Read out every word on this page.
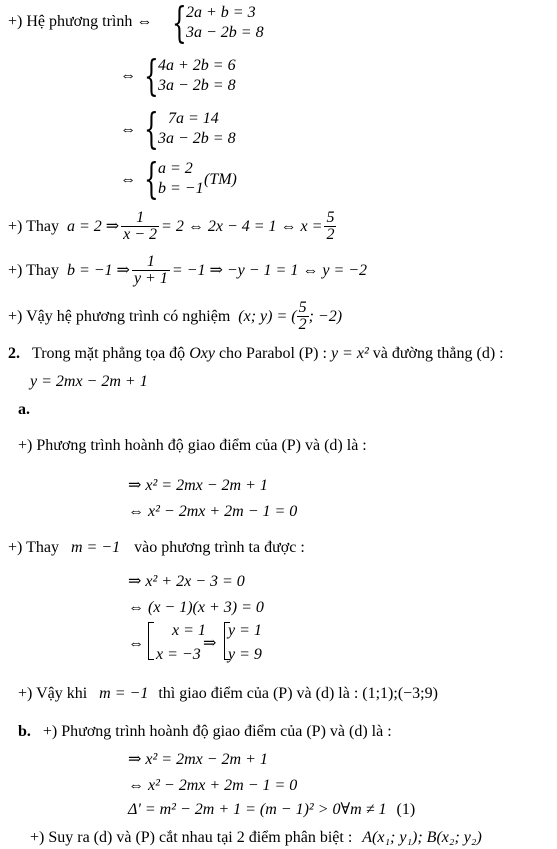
+) Hệ phương trình ⇔ { 2a + b = 3
3a − 2b = 8
⇔ { 4a + 2b = 6
3a − 2b = 8
⇔ { 7a = 14
3a − 2b = 8
⇔ { a = 2
b = −1
(TM)
+) Thay a = 2 ⇒ $\frac{1}{x - 2} = 2$ ⇔ 2x − 4 = 1 ⇔ $x = \frac{5}{2}$
+) Thay b = −1 ⇒ $\frac{1}{y + 1} = -1$ ⇒ −y − 1 = 1 ⇔ y = −2
+) Vậy hệ phương trình có nghiệm (x; y) = ( $\frac{5}{2}$ ; −2)
2. Trong mặt phẳng tọa độ Oxy cho Parabol (P) : y = x² và đường thẳng (d) :
y = 2mx − 2m + 1
a.
+) Phương trình hoành độ giao điểm của (P) và (d) là :
⇒ x² = 2mx − 2m + 1
⇔ x² − 2mx + 2m − 1 = 0
+) Thay m = −1 vào phương trình ta được :
⇒ x² + 2x − 3 = 0
⇔ (x − 1)(x + 3) = 0
⇔
x = 1
x = −3
⇒
y = 1
y = 9
+) Vậy khi m = −1 thì giao điểm của (P) và (d) là : (1;1);(−3;9)
b. +) Phương trình hoành độ giao điểm của (P) và (d) là :
⇒ x² = 2mx − 2m + 1
⇔ x² − 2mx + 2m − 1 = 0
Δ' = m² − 2m + 1 = (m − 1)² > 0∀m ≠ 1 (1)
+) Suy ra (d) và (P) cắt nhau tại 2 điểm phân biệt : A(x₁; y₁); B(x₂; y₂)
